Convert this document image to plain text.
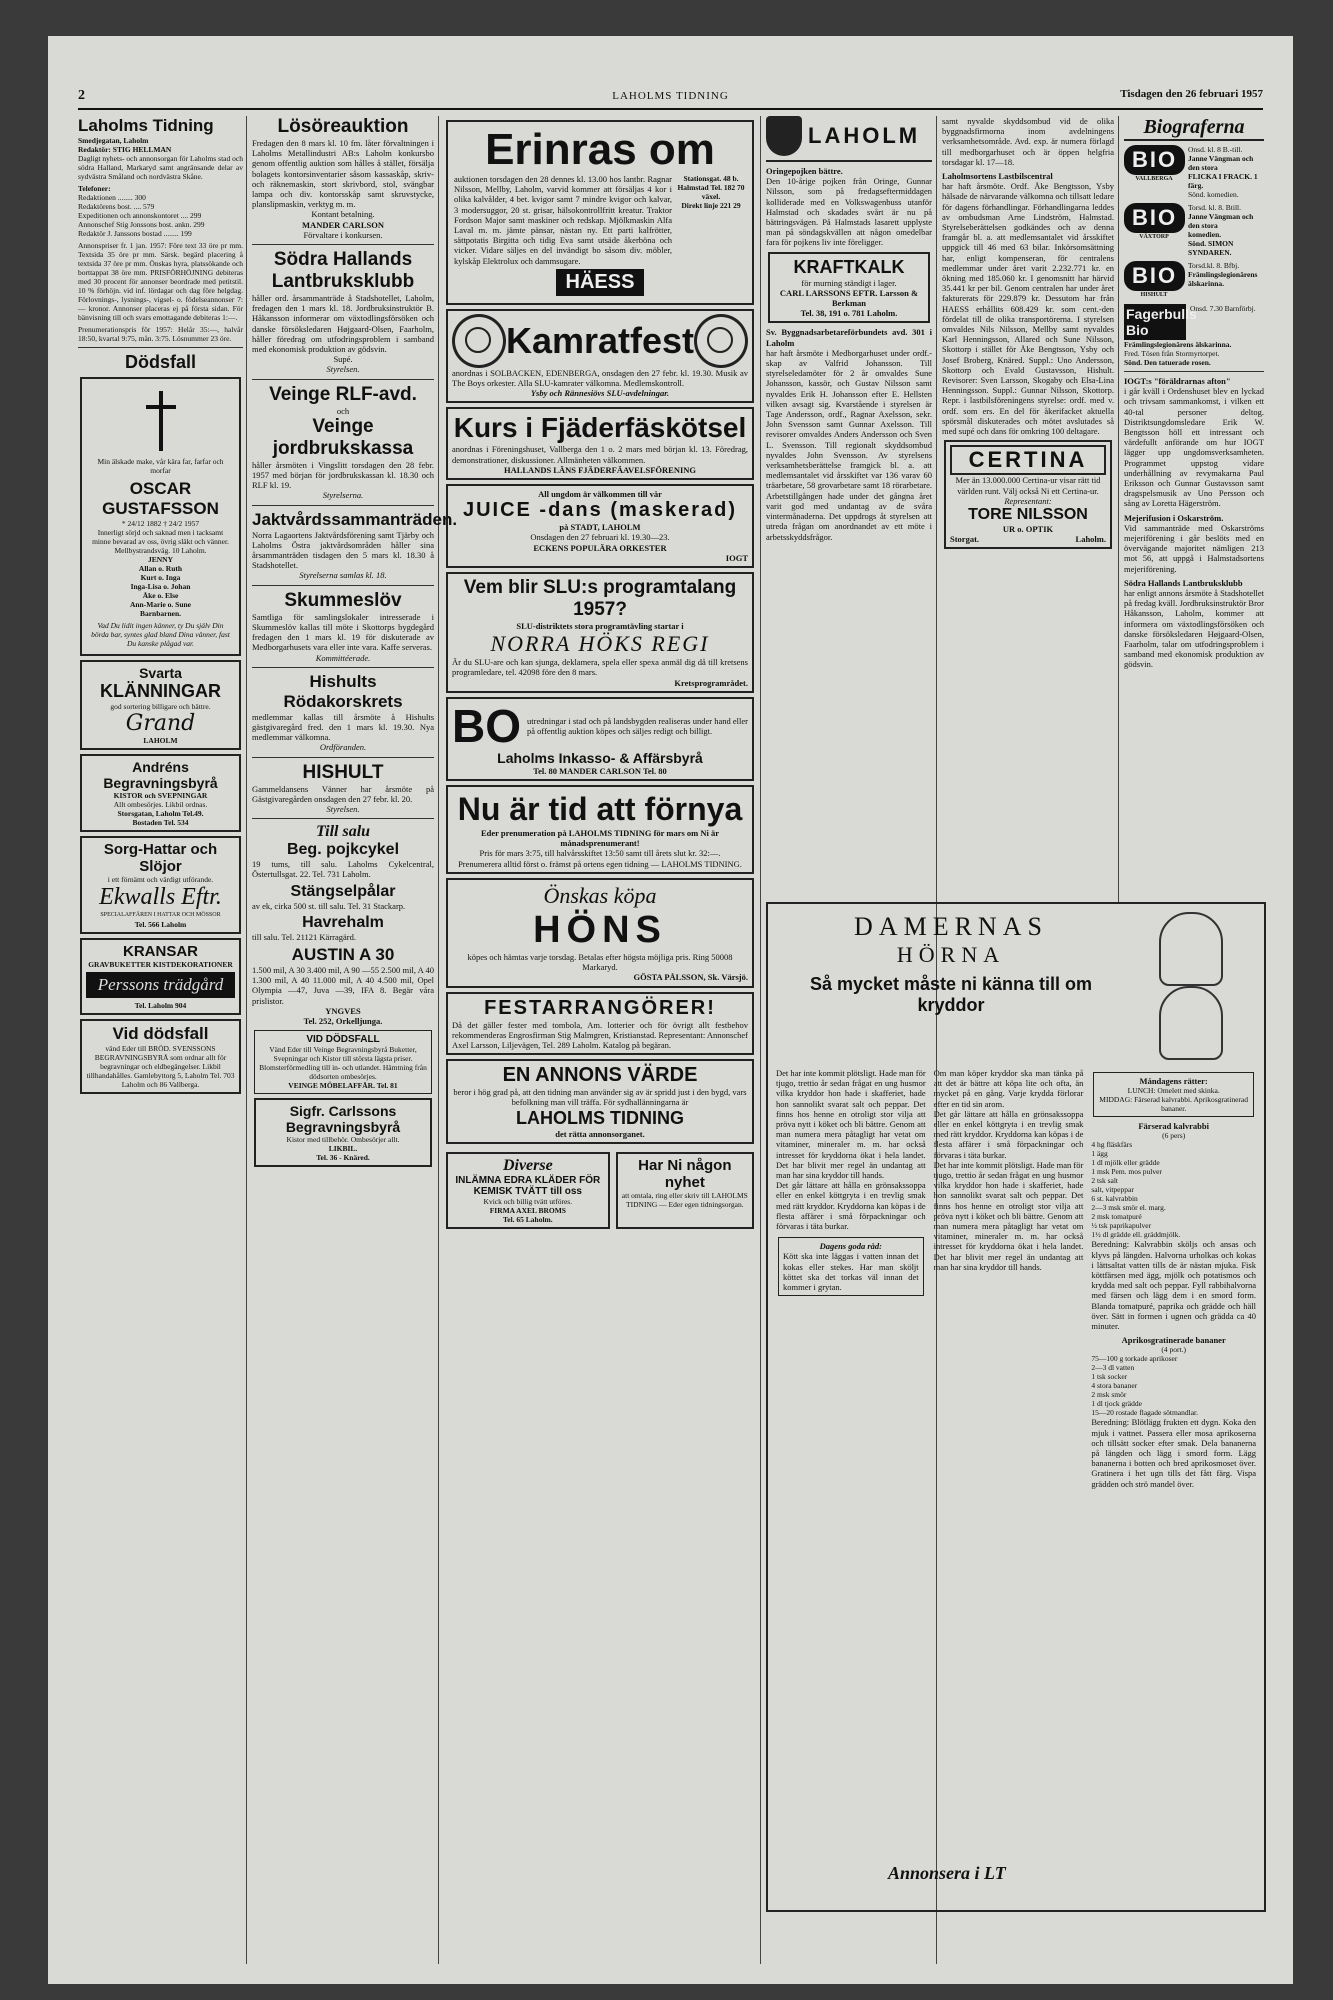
2	LAHOLMS TIDNING	Tisdagen den 26 februari 1957
Laholms Tidning
Smedjegatan, Laholm
Redaktör: STIG HELLMAN
Dagligt nyhets- och annonsorgan för Laholms stad och södra Halland, Markaryd samt angränsande delar av sydvästra Småland och nordvästra Skåne.
Telefoner:
Redaktionen ........ 300
Redaktörens bost. .... 579
Expeditionen och annonskontoret .... 299
Annonschef Stig Jonssons bost. ankn. 299
Redaktör J. Janssons bostad ........ 199
Annonspriser fr. 1 jan. 1957: Före text 33 öre pr mm. Textsida 35 öre pr mm. Särsk. begärd placering å textsida 37 öre pr mm. Önskas hyra, platssökande och borttappat 38 öre mm. PRISFÖRHÖJNING debiteras med 30 procent för annonser beordrade med petitstil. 10 % förhöjn. vid inf. lördagar och dag före helgdag. Förlovnings-, lysnings-, vigsel- o. födelseannonser 7:— kronor. Annonser placeras ej på första sidan. För bänvisning till och svars emottagande debiteras 1:—.
Prenumerationspris för 1957: Helår 35:—, halvår 18:50, kvartal 9:75, mån. 3:75. Lösnummer 23 öre.
Dödsfall
Min älskade make, vår kära far, farfar och morfar
OSCAR
GUSTAFSSON
* 24/12 1882 † 24/2 1957
Innerligt sörjd och saknad men i tacksamt minne bevarad av oss, övrig släkt och vänner.
Mellbystrandsväg. 10 Laholm.
JENNY
Allan o. Ruth
Kurt o. Inga
Inga-Lisa o. Johan
Åke o. Else
Ann-Marie o. Sune
Barnbarnen.
Vad Du lidit ingen känner, ty Du själv Din börda bar, syntes glad bland Dina vänner, fast Du kanske plågad var.
Svarta
KLÄNNINGAR
god sortering billigare och bättre.
Grand
LAHOLM
Andréns Begravningsbyrå
KISTOR och SVEPNINGAR
Allt ombesörjes. Likbil ordnas.
Storsgatan, Laholm Tel.49.
Bostaden Tel. 534
Sorg-Hattar och Slöjor
i ett förnämt och värdigt utförande.
Ekwalls Eftr.
SPECIALAFFÄREN I HATTAR OCH MÖSSOR
Tel. 566 Laholm
KRANSAR
GRAVBUKETTER KISTDEKORATIONER
Perssons trädgård
Tel. Laholm 904
Vid dödsfall
vänd Eder till BRÖD. SVENSSONS BEGRAVNINGSBYRÅ som ordnar allt för begravningar och eldbegängelser. Likbil tillhandahålles. Gamlebyttorg 5, Laholm Tel. 703 Laholm och 86 Vallberga.
Lösöreauktion
Fredagen den 8 mars kl. 10 fm. låter förvaltningen i Laholms Metallindustri AB:s Laholm konkursbo genom offentlig auktion som hålles å stället, försälja bolagets kontorsinventarier såsom kassaskåp, skriv- och räknemaskin, stort skrivbord, stol, svängbar lampa och div. kontorsskåp samt skruvstycke, planslipmaskin, verktyg m. m.
Kontant betalning.
MANDER CARLSON
Förvaltare i konkursen.
Södra Hallands Lantbruksklubb
håller ord. årsammanträde å Stadshotellet, Laholm, fredagen den 1 mars kl. 18. Jordbruksinstruktör B. Håkansson informerar om växtodlingsförsöken och danske försöksledaren Højgaard-Olsen, Faarholm, håller föredrag om utfodringsproblem i samband med ekonomisk produktion av gödsvin.
Supé.
Styrelsen.
Veinge RLF-avd.
och
Veinge jordbrukskassa
håller årsmöten i Vingslitt torsdagen den 28 febr. 1957 med början för jordbrukskassan kl. 18.30 och RLF kl. 19.
Styrelserna.
Jaktvårdssammanträden.
Norra Lagaortens Jaktvårdsförening samt Tjärby och Laholms Östra jaktvårdsområden håller sina årsammanträden tisdagen den 5 mars kl. 18.30 å Stadshotellet.
Styrelserna samlas kl. 18.
Skummeslöv
Samtliga för samlingslokaler intresserade i Skummeslöv kallas till möte i Skottorps bygdegård fredagen den 1 mars kl. 19 för diskuterade av Medborgarhusets vara eller inte vara. Kaffe serveras.
Kommittéerade.
Hishults
Rödakorskrets
medlemmar kallas till årsmöte å Hishults gästgivaregård fred. den 1 mars kl. 19.30. Nya medlemmar välkomna.
Ordföranden.
HISHULT
Gammeldansens Vänner har årsmöte på Gästgivaregården onsdagen den 27 febr. kl. 20.
Styrelsen.
Till salu
Beg. pojkcykel
19 tums, till salu. Laholms Cykelcentral, Östertullsgat. 22. Tel. 731 Laholm.
Stängselpålar
av ek, cirka 500 st. till salu. Tel. 31 Stackarp.
Havrehalm
till salu. Tel. 21121 Kärragärd.
AUSTIN A 30
1.500 mil, A 30 3.400 mil, A 90 —55 2.500 mil, A 40 1.300 mil, A 40 11.000 mil, A 40 4.500 mil, Opel Olympia —47, Juva —39, IFA 8. Begär våra prislistor.
YNGVES
Tel. 252, Orkelljunga.
VID DÖDSFALL
Vänd Eder till Veinge Begravningsbyrå Buketter, Svepningar och Kistor till största lägsta priser. Blomsterförmedling till in- och utlandet. Hämtning från dödsorten ombesörjes.
VEINGE MÖBELAFFÄR. Tel. 81
Sigfr. Carlssons Begravningsbyrå
Kistor med tillbehör. Ombesörjer allt.
LIKBIL.
Tel. 36 - Knäred.
Erinras om
auktionen torsdagen den 28 dennes kl. 13.00 hos lantbr. Ragnar Nilsson, Mellby, Laholm, varvid kommer att försäljas 4 kor i olika kalvålder, 4 bet. kvigor samt 7 mindre kvigor och kalvar, 3 modersuggor, 20 st. grisar, hälsokontrollfritt kreatur. Traktor Fordson Major samt maskiner och redskap. Mjölkmaskin Alfa Laval m. m. jämte pänsar, nästan ny. Ett parti kalfrötter, sättpotatis Birgitta och tidig Eva samt utsäde åkerböna och vicker. Vidare säljes en del invändigt bo såsom div. möbler, kylskåp Elektrolux och dammsugare.
Stationsgat. 48 b. Halmstad Tel. 182 70 växel.
Direkt linje 221 29
HÄESS
Kamratfest
anordnas i SOLBACKEN, EDENBERGA, onsdagen den 27 febr. kl. 19.30. Musik av The Boys orkester. Alla SLU-kamrater välkomna. Medlemskontroll.
Ysby och Rännesiövs SLU-avdelningar.
Kurs i Fjäderfäskötsel
anordnas i Föreningshuset, Vallberga den 1 o. 2 mars med början kl. 13. Föredrag, demonstrationer, diskussioner. Allmänheten välkommen.
HALLANDS LÄNS FJÄDERFÄAVELSFÖRENING
All ungdom är välkommen till vår
JUICE -dans (maskerad)
på STADT, LAHOLM
Onsdagen den 27 februari kl. 19.30—23.
ECKENS POPULÄRA ORKESTER
IOGT
Vem blir SLU:s programtalang 1957?
SLU-distriktets stora programtävling startar i
NORRA HÖKS REGI
Är du SLU-are och kan sjunga, deklamera, spela eller spexa anmäl dig då till kretsens programledare, tel. 42098 före den 8 mars.
Kretsprogramrådet.
BO utredningar i stad och på landsbygden realiseras under hand eller på offentlig auktion köpes och säljes redigt och billigt.
Laholms Inkasso- & Affärsbyrå
Tel. 80 MANDER CARLSON Tel. 80
Nu är tid att förnya
Eder prenumeration på LAHOLMS TIDNING för mars om Ni är månadsprenumerant!
Pris för mars 3:75, till halvårsskiftet 13:50 samt till årets slut kr. 32:—.
Prenumerera alltid först o. främst på ortens egen tidning — LAHOLMS TIDNING.
Önskas köpa
HÖNS
köpes och hämtas varje torsdag. Betalas efter högsta möjliga pris. Ring 50008 Markaryd.
GÖSTA PÅLSSON, Sk. Värsjö.
FESTARRANGÖRER!
Då det gäller fester med tombola, Am. lotterier och för övrigt allt festbehov rekommenderas Engrosfirman Stig Malmgren, Kristianstad. Representant: Annonschef Axel Larsson, Liljevägen, Tel. 289 Laholm. Katalog på begäran.
EN ANNONS VÄRDE
beror i hög grad på, att den tidning man använder sig av är spridd just i den bygd, vars befolkning man vill träffa. För sydhallänningarna är
LAHOLMS TIDNING
det rätta annonsorganet.
Diverse
INLÄMNA EDRA KLÄDER FÖR KEMISK TVÄTT till oss
Kvick och billig tvätt utföres.
FIRMA AXEL BROMS
Tel. 65 Laholm.
Har Ni någon nyhet
att omtala, ring eller skriv till LAHOLMS TIDNING — Eder egen tidningsorgan.
LAHOLM
Oringepojken bättre.
Den 10-årige pojken från Oringe, Gunnar Nilsson, som på fredagseftermiddagen kolliderade med en Volkswagenbuss utanför Halmstad och skadades svårt är nu på bättringsvägen. På Halmstads lasarett upplyste man på söndagskvällen att någon omedelbar fara för pojkens liv inte föreligger.
KRAFTKALK
för murning ständigt i lager.
CARL LARSSONS EFTR. Larsson & Berkman
Tel. 38, 191 o. 781 Laholm.
Sv. Byggnadsarbetareförbundets avd. 301 i Laholm
har haft årsmöte i Medborgarhuset under ordf.-skap av Valfrid Johansson. Till styrelseledamöter för 2 år omvaldes Sune Johansson, kassör, och Gustav Nilsson samt nyvaldes Erik H. Johansson efter E. Hellsten vilken avsagt sig. Kvarstående i styrelsen är Tage Andersson, ordf., Ragnar Axelsson, sekr. John Svensson samt Gunnar Axelsson. Till revisorer omvaldes Anders Andersson och Sven L. Svensson. Till regionalt skyddsombud nyvaldes John Svensson. Av styrelsens verksamhetsberättelse framgick bl. a. att medlemsantalet vid årsskiftet var 136 varav 60 träarbetare, 58 grovarbetare samt 18 rörarbetare. Arbetstillgången hade under det gångna året varit god med undantag av de svåra vintermånaderna. Det uppdrogs åt styrelsen att utreda frågan om anordnandet av ett möte i arbetsskyddsfrågor.
samt nyvalde skyddsombud vid de olika byggnadsfirmorna inom avdelningens verksamhetsområde. Avd. exp. är numera förlagd till medborgarhuset och är öppen helgfria torsdagar kl. 17—18.
Laholmsortens Lastbilscentral
har haft årsmöte. Ordf. Åke Bengtsson, Ysby hälsade de närvarande välkomna och tillsatt ledare för dagens förhandlingar. Förhandlingarna leddes av ombudsman Arne Lindström, Halmstad. Styrelseberättelsen godkändes och av denna framgår bl. a. att medlemsantalet vid årsskiftet uppgick till 46 med 63 bilar. Inkörsomsättning har, enligt kompenseran, för centralens medlemmar under året varit 2.232.771 kr. en ökning med 185.060 kr. I genomsnitt har härvid 35.441 kr per bil. Genom centralen har under året fakturerats för 229.879 kr. Dessutom har från HAESS erhållits 608.429 kr. som cent.-den fördelat till de olika transportörerna. I styrelsen omvaldes Nils Nilsson, Mellby samt nyvaldes Karl Henningsson, Allared och Sune Nilsson, Skottorp i stället för Åke Bengtsson, Ysby och Josef Broberg, Knäred. Suppl.: Uno Andersson, Skottorp och Evald Gustavsson, Hishult. Revisorer: Sven Larsson, Skogaby och Elsa-Lina Henningsson. Suppl.: Gunnar Nilsson, Skottorp. Repr. i lastbilsföreningens styrelse: ordf. med v. ordf. som ers. En del för åkerifacket aktuella spörsmål diskuterades och mötet avslutades så med supé och dans för omkring 100 deltagare.
CERTINA
Mer än 13.000.000 Certina-ur visar rätt tid världen runt. Välj också Ni ett Certina-ur.
Representant:
TORE NILSSON
UR o. OPTIK
Storgat.	Laholm.
Biograferna
BIO
VALLBERGA
Onsd. kl. 8 B.-till.
Janne Vängman och den stora
FLICKA I FRACK. 1 färg.
Sönd. komedien.
BIO
VÄXTORP
Torsd. kl. 8. Btill.
Janne Vängman och den stora
komedien.
Sönd. SIMON SYNDAREN.
BIO
HISHULT
Torsd.kl. 8. Bfbj.
Främlingslegionärens älskarinna.
Fagerbulls Bio
Onsd. 7.30 Barnförbj.
Främlingslegionärens älskarinna.
Fred. Tösen från Stormyrtorpet.
Sönd. Den tatuerade rosen.
IOGT:s "föräldrarnas afton"
i går kväll i Ordenshuset blev en lyckad och trivsam sammankomst, i vilken ett 40-tal personer deltog. Distriktsungdomsledare Erik W. Bengtsson höll ett intressant och värdefullt anförande om hur IOGT lägger upp ungdomsverksamheten. Programmet uppstog vidare underhållning av revymakarna Paul Eriksson och Gunnar Gustavsson samt dragspelsmusik av Uno Persson och sång av Loretta Hägerström.
Mejerifusion i Oskarström.
Vid sammanträde med Oskarströms mejeriförening i går beslöts med en övervägande majoritet nämligen 213 mot 56, att uppgå i Halmstadsortens mejeriförening.
Södra Hallands Lantbruksklubb
har enligt annons årsmöte å Stadshotellet på fredag kväll. Jordbruksinstruktör Bror Håkansson, Laholm, kommer att informera om växtodlingsförsöken och danske försöksledaren Højgaard-Olsen, Faarholm, talar om utfodringsproblem i samband med ekonomisk produktion av gödsvin.
DAMERNAS
HÖRNA
Så mycket måste ni känna till om kryddor

Det har inte kommit plötsligt. Hade man för tjugo, trettio år sedan frågat en ung husmor vilka kryddor hon hade i skafferiet, hade hon sannolikt svarat salt och peppar. Det finns hos henne en otroligt stor vilja att pröva nytt i köket och bli bättre. Genom att man numera mera påtagligt har vetat om vitaminer, mineraler m. m. har också intresset för kryddorna ökat i hela landet. Det har blivit mer regel än undantag att man har sina kryddor till hands.
Det går lättare att hålla en grönsakssoppa eller en enkel köttgryta i en trevlig smak med rätt kryddor. Kryddorna kan köpas i de flesta affärer i små förpackningar och förvaras i täta burkar.
Dagens goda råd:
Kött ska inte läggas i vatten innan det kokas eller stekes. Har man sköljt köttet ska det torkas väl innan det kommer i grytan.
Om man köper kryddor ska man tänka på att det är bättre att köpa lite och ofta, än mycket på en gång. Varje krydda förlorar efter en tid sin arom.
Det går lättare att hålla en grönsakssoppa eller en enkel köttgryta i en trevlig smak med rätt kryddor. Kryddorna kan köpas i de flesta affärer i små förpackningar och förvaras i täta burkar.
Det har inte kommit plötsligt. Hade man för tjugo, trettio år sedan frågat en ung husmor vilka kryddor hon hade i skafferiet, hade hon sannolikt svarat salt och peppar. Det finns hos henne en otroligt stor vilja att pröva nytt i köket och bli bättre. Genom att man numera mera påtagligt har vetat om vitaminer, mineraler m. m. har också intresset för kryddorna ökat i hela landet. Det har blivit mer regel än undantag att man har sina kryddor till hands.
Måndagens rätter:
LUNCH: Omelett med skinka.
MIDDAG: Färserad kalvrabbi. Aprikosgratinerad bananer.
Färserad kalvrabbi
(6 pers)
4 hg fläskfärs
1 ägg
1 dl mjölk eller grädde
1 msk Pem. mos pulver
2 tsk salt
salt, vitpeppar
6 st. kalvrabbin
2—3 msk smör el. marg.
2 msk tomatpuré
½ tsk paprikapulver
1½ dl grädde ell. gräddmjölk.
Beredning: Kalvrabbin sköljs och ansas och klyvs på längden. Halvorna urholkas och kokas i lättsaltat vatten tills de är nästan mjuka. Fisk köttfärsen med ägg, mjölk och potatismos och krydda med salt och peppar. Fyll rabbihalvorna med färsen och lägg dem i en smord form. Blanda tomatpuré, paprika och grädde och häll över. Sätt in formen i ugnen och grädda ca 40 minuter.
Aprikosgratinerade bananer
(4 port.)
75—100 g torkade aprikoser
2—3 dl vatten
1 tsk socker
4 stora bananer
2 msk smör
1 dl tjock grädde
15—20 rostade flagade sötmandlar.
Beredning: Blötlägg frukten ett dygn. Koka den mjuk i vattnet. Passera eller mosa aprikoserna och tillsätt socker efter smak. Dela bananerna på längden och lägg i smord form. Lägg bananerna i botten och bred aprikosmoset över. Gratinera i het ugn tills det fått färg. Vispa grädden och strö mandel över.
Annonsera i LT
